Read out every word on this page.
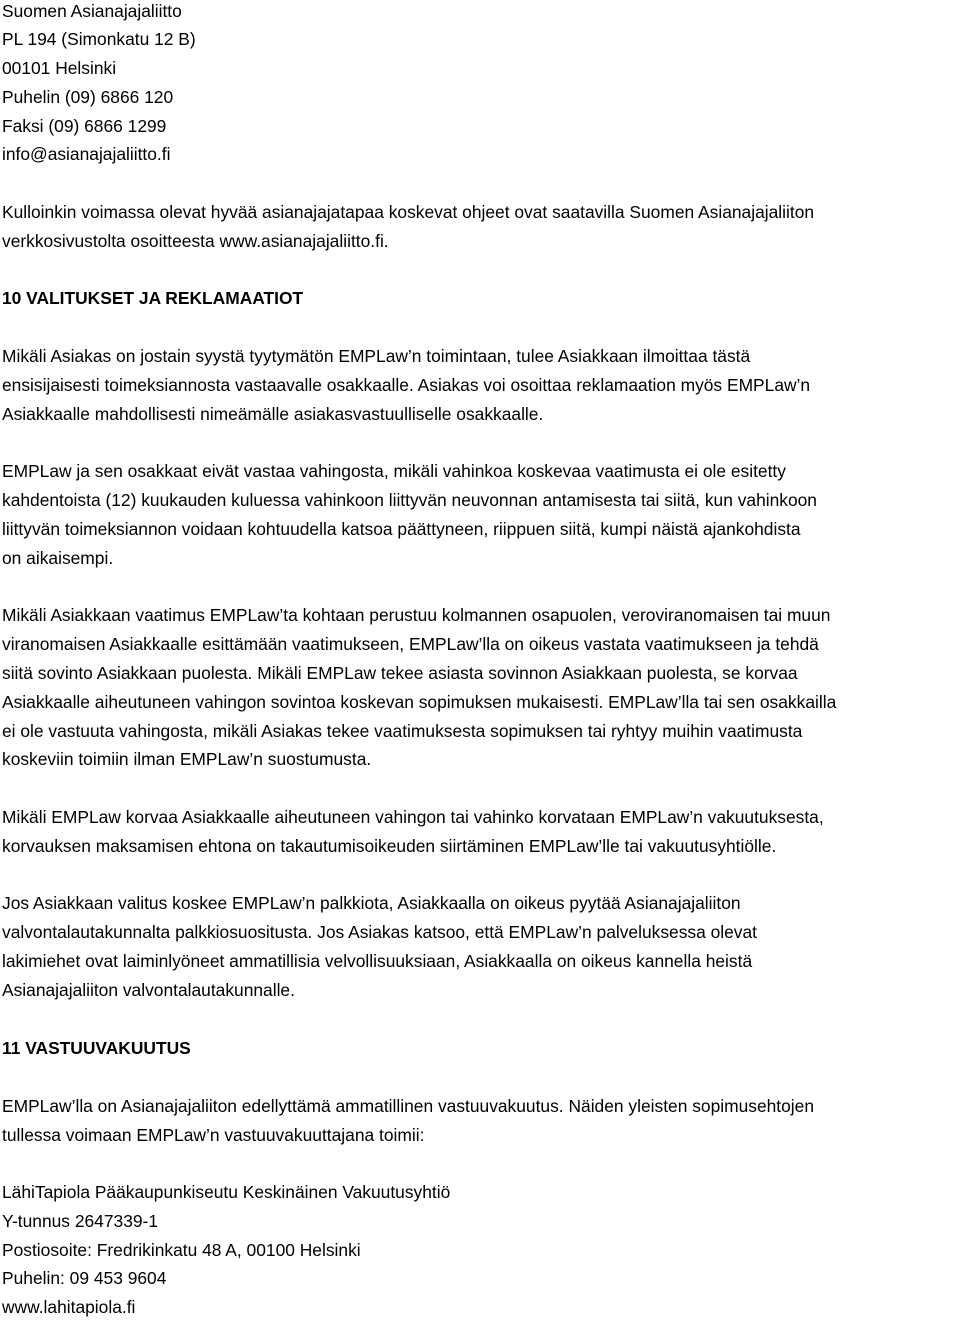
Suomen Asianajajaliitto
PL 194 (Simonkatu 12 B)
00101 Helsinki
Puhelin (09) 6866 120
Faksi (09) 6866 1299
info@asianajajaliitto.fi
Kulloinkin voimassa olevat hyvää asianajajatapaa koskevat ohjeet ovat saatavilla Suomen Asianajajaliiton
verkkosivustolta osoitteesta www.asianajajaliitto.fi.
10 VALITUKSET JA REKLAMAATIOT
Mikäli Asiakas on jostain syystä tyytymätön EMPLaw’n toimintaan, tulee Asiakkaan ilmoittaa tästä
ensisijaisesti toimeksiannosta vastaavalle osakkaalle. Asiakas voi osoittaa reklamaation myös EMPLaw’n
Asiakkaalle mahdollisesti nimeämälle asiakasvastuulliselle osakkaalle.
EMPLaw ja sen osakkaat eivät vastaa vahingosta, mikäli vahinkoa koskevaa vaatimusta ei ole esitetty
kahdentoista (12) kuukauden kuluessa vahinkoon liittyvän neuvonnan antamisesta tai siitä, kun vahinkoon
liittyvän toimeksiannon voidaan kohtuudella katsoa päättyneen, riippuen siitä, kumpi näistä ajankohdista
on aikaisempi.
Mikäli Asiakkaan vaatimus EMPLaw’ta kohtaan perustuu kolmannen osapuolen, veroviranomaisen tai muun
viranomaisen Asiakkaalle esittämään vaatimukseen, EMPLaw’lla on oikeus vastata vaatimukseen ja tehdä
siitä sovinto Asiakkaan puolesta. Mikäli EMPLaw tekee asiasta sovinnon Asiakkaan puolesta, se korvaa
Asiakkaalle aiheutuneen vahingon sovintoa koskevan sopimuksen mukaisesti. EMPLaw’lla tai sen osakkailla
ei ole vastuuta vahingosta, mikäli Asiakas tekee vaatimuksesta sopimuksen tai ryhtyy muihin vaatimusta
koskeviin toimiin ilman EMPLaw’n suostumusta.
Mikäli EMPLaw korvaa Asiakkaalle aiheutuneen vahingon tai vahinko korvataan EMPLaw’n vakuutuksesta,
korvauksen maksamisen ehtona on takautumisoikeuden siirtäminen EMPLaw’lle tai vakuutusyhtiölle.
Jos Asiakkaan valitus koskee EMPLaw’n palkkiota, Asiakkaalla on oikeus pyytää Asianajajaliiton
valvontalautakunnalta palkkiosuositusta. Jos Asiakas katsoo, että EMPLaw’n palveluksessa olevat
lakimiehet ovat laiminlyöneet ammatillisia velvollisuuksiaan, Asiakkaalla on oikeus kannella heistä
Asianajajaliiton valvontalautakunnalle.
11 VASTUUVAKUUTUS
EMPLaw’lla on Asianajajaliiton edellyttämä ammatillinen vastuuvakuutus. Näiden yleisten sopimusehtojen
tullessa voimaan EMPLaw’n vastuuvakuuttajana toimii:
LähiTapiola Pääkaupunkiseutu Keskinäinen Vakuutusyhtiö
Y-tunnus 2647339-1
Postiosoite: Fredrikinkatu 48 A, 00100 Helsinki
Puhelin: 09 453 9604
www.lahitapiola.fi
